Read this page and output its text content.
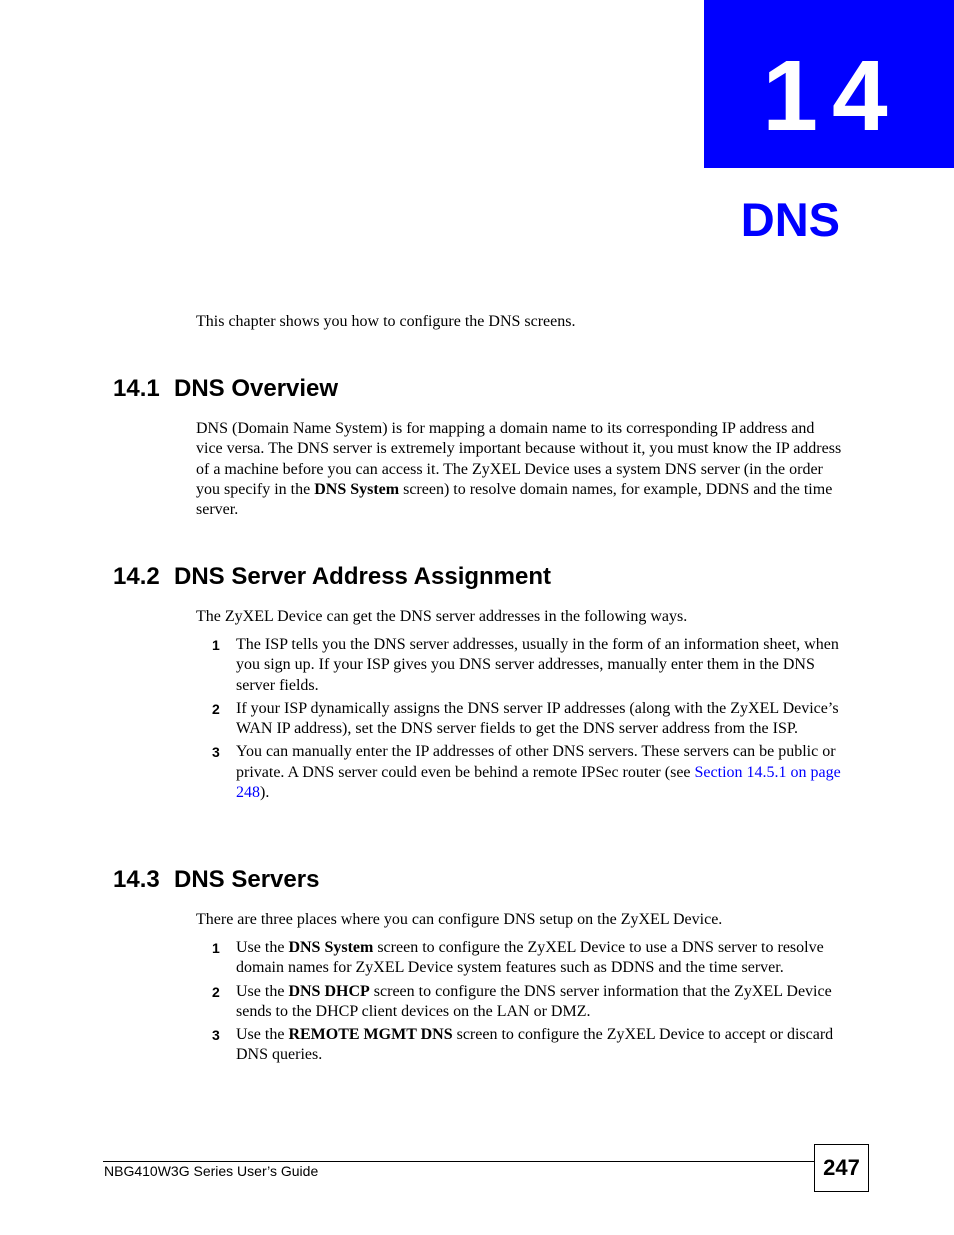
14
DNS
This chapter shows you how to configure the DNS screens.
14.1 DNS Overview
DNS (Domain Name System) is for mapping a domain name to its corresponding IP address and vice versa. The DNS server is extremely important because without it, you must know the IP address of a machine before you can access it. The ZyXEL Device uses a system DNS server (in the order you specify in the DNS System screen) to resolve domain names, for example, DDNS and the time server.
14.2 DNS Server Address Assignment
The ZyXEL Device can get the DNS server addresses in the following ways.
1 The ISP tells you the DNS server addresses, usually in the form of an information sheet, when you sign up. If your ISP gives you DNS server addresses, manually enter them in the DNS server fields.
2 If your ISP dynamically assigns the DNS server IP addresses (along with the ZyXEL Device’s WAN IP address), set the DNS server fields to get the DNS server address from the ISP.
3 You can manually enter the IP addresses of other DNS servers. These servers can be public or private. A DNS server could even be behind a remote IPSec router (see Section 14.5.1 on page 248).
14.3 DNS Servers
There are three places where you can configure DNS setup on the ZyXEL Device.
1 Use the DNS System screen to configure the ZyXEL Device to use a DNS server to resolve domain names for ZyXEL Device system features such as DDNS and the time server.
2 Use the DNS DHCP screen to configure the DNS server information that the ZyXEL Device sends to the DHCP client devices on the LAN or DMZ.
3 Use the REMOTE MGMT DNS screen to configure the ZyXEL Device to accept or discard DNS queries.
NBG410W3G Series User’s Guide	247
